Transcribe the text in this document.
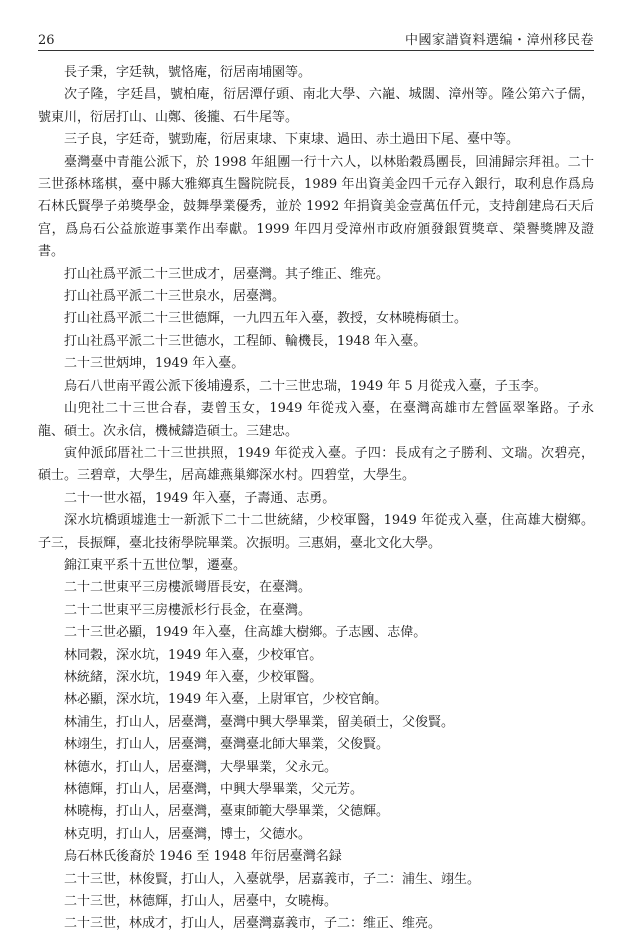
26	中國家譜資料選编・漳州移民卷

長子秉，字廷執，號恪庵，衍居南埔園等。

次子隆，字廷昌，號柏庵，衍居潭仔頭、南北大學、六巃、城闊、漳州等。隆公第六子儒，號東川，衍居打山、山鄭、後攏、石牛尾等。

三子良，字廷奇，號勁庵，衍居東埭、下東埭、過田、赤土過田下尾、臺中等。

臺灣臺中青龍公派下，於 1998 年組團一行十六人，以林貽穀爲團長，回浦歸宗拜祖。二十三世孫林瑤棋，臺中縣大雅鄉真生醫院院長，1989 年出資美金四千元存入銀行，取利息作爲烏石林氏賢學子弟獎學金，鼓舞學業優秀，並於 1992 年捐資美金壹萬伍仟元，支持創建烏石天后宫，爲烏石公益旅遊事業作出奉獻。1999 年四月受漳州市政府頒發銀質獎章、榮譽獎牌及證書。

打山社爲平派二十三世成才，居臺灣。其子维正、维亮。

打山社爲平派二十三世泉水，居臺灣。

打山社爲平派二十三世德輝，一九四五年入臺，教授，女林曉梅碩士。

打山社爲平派二十三世德水，工程師、輪機長，1948 年入臺。

二十三世炳坤，1949 年入臺。

烏石八世南平霞公派下後埔邊系，二十三世忠瑞，1949 年 5 月從戎入臺，子玉李。

山兜社二十三世合春，妻曾玉女，1949 年從戎入臺，在臺灣高雄市左營區翠峯路。子永龍、碩士。次永信，機械鑄造碩士。三建忠。

寅仲派邱厝社二十三世拱照，1949 年從戎入臺。子四：長成有之子勝利、文瑞。次碧亮，碩士。三碧章，大學生，居高雄燕巢鄉深水村。四碧堂，大學生。

二十一世水福，1949 年入臺，子壽通、志勇。

深水坑橋頭墟進士一新派下二十二世統緒，少校軍醫，1949 年從戎入臺，住高雄大樹鄉。子三，長振輝，臺北技術學院畢業。次振明。三惠娟，臺北文化大學。

錦江東平系十五世位掣，遷臺。

二十二世東平三房樓派彎厝長安，在臺灣。

二十二世東平三房樓派杉行長金，在臺灣。

二十三世必顯，1949 年入臺，住高雄大樹鄉。子志國、志偉。

林同穀，深水坑，1949 年入臺，少校軍官。

林統緒，深水坑，1949 年入臺，少校軍醫。

林必顯，深水坑，1949 年入臺，上尉軍官，少校官餉。

林浦生，打山人，居臺灣，臺灣中興大學畢業，留美碩士，父俊賢。

林翊生，打山人，居臺灣，臺灣臺北師大畢業，父俊賢。

林德水，打山人，居臺灣，大學畢業，父永元。

林德輝，打山人，居臺灣，中興大學畢業，父元芳。

林曉梅，打山人，居臺灣，臺東師範大學畢業，父德輝。

林克明，打山人，居臺灣，博士，父德水。

烏石林氏後裔於 1946 至 1948 年衍居臺灣名録

二十三世，林俊賢，打山人，入臺就學，居嘉義市，子二：浦生、翊生。

二十三世，林德輝，打山人，居臺中，女曉梅。

二十三世，林成才，打山人，居臺灣嘉義市，子二：维正、维亮。
